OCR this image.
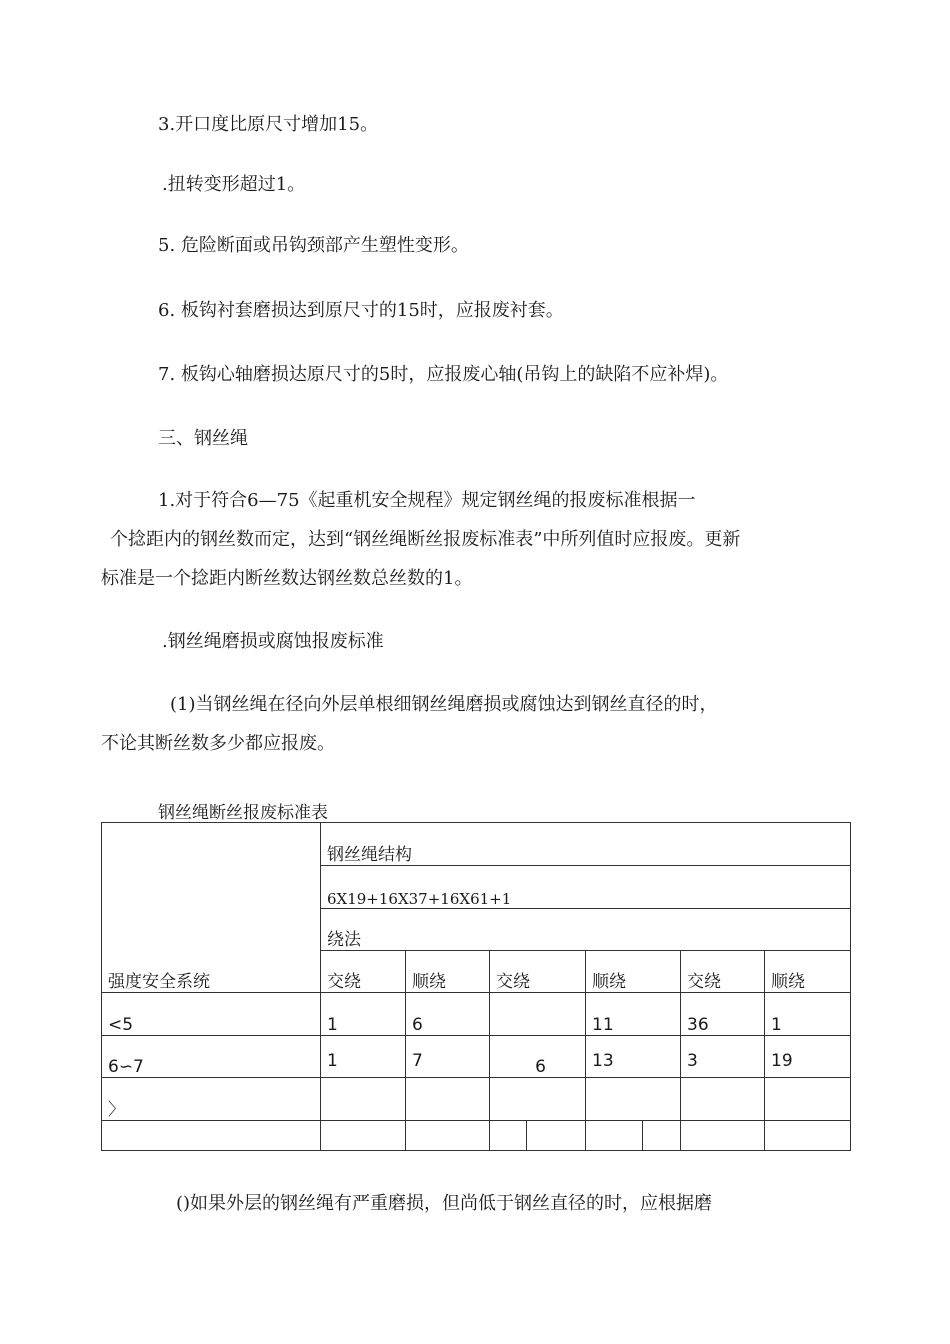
3.开口度比原尺寸增加15。
.扭转变形超过1。
5. 危险断面或吊钩颈部产生塑性变形。
6. 板钩衬套磨损达到原尺寸的15时，应报废衬套。
7. 板钩心轴磨损达原尺寸的5时，应报废心轴(吊钩上的缺陷不应补焊)。
三、钢丝绳
1.对于符合6—75《起重机安全规程》规定钢丝绳的报废标准根据一
个捻距内的钢丝数而定，达到“钢丝绳断丝报废标准表”中所列值时应报废。更新
标准是一个捻距内断丝数达钢丝数总丝数的1。
.钢丝绳磨损或腐蚀报废标准
(1)当钢丝绳在径向外层单根细钢丝绳磨损或腐蚀达到钢丝直径的时，
不论其断丝数多少都应报废。
钢丝绳断丝报废标准表
强度安全系统	钢丝绳结构							
	6X19+16X37+16X61+1							
	绕法							
	交绕	顺绕	交绕		顺绕		交绕	顺绕
<5	1	6			11		36	1
6∽7	1	7	6		13		3	19
〉								

()如果外层的钢丝绳有严重磨损，但尚低于钢丝直径的时，应根据磨
